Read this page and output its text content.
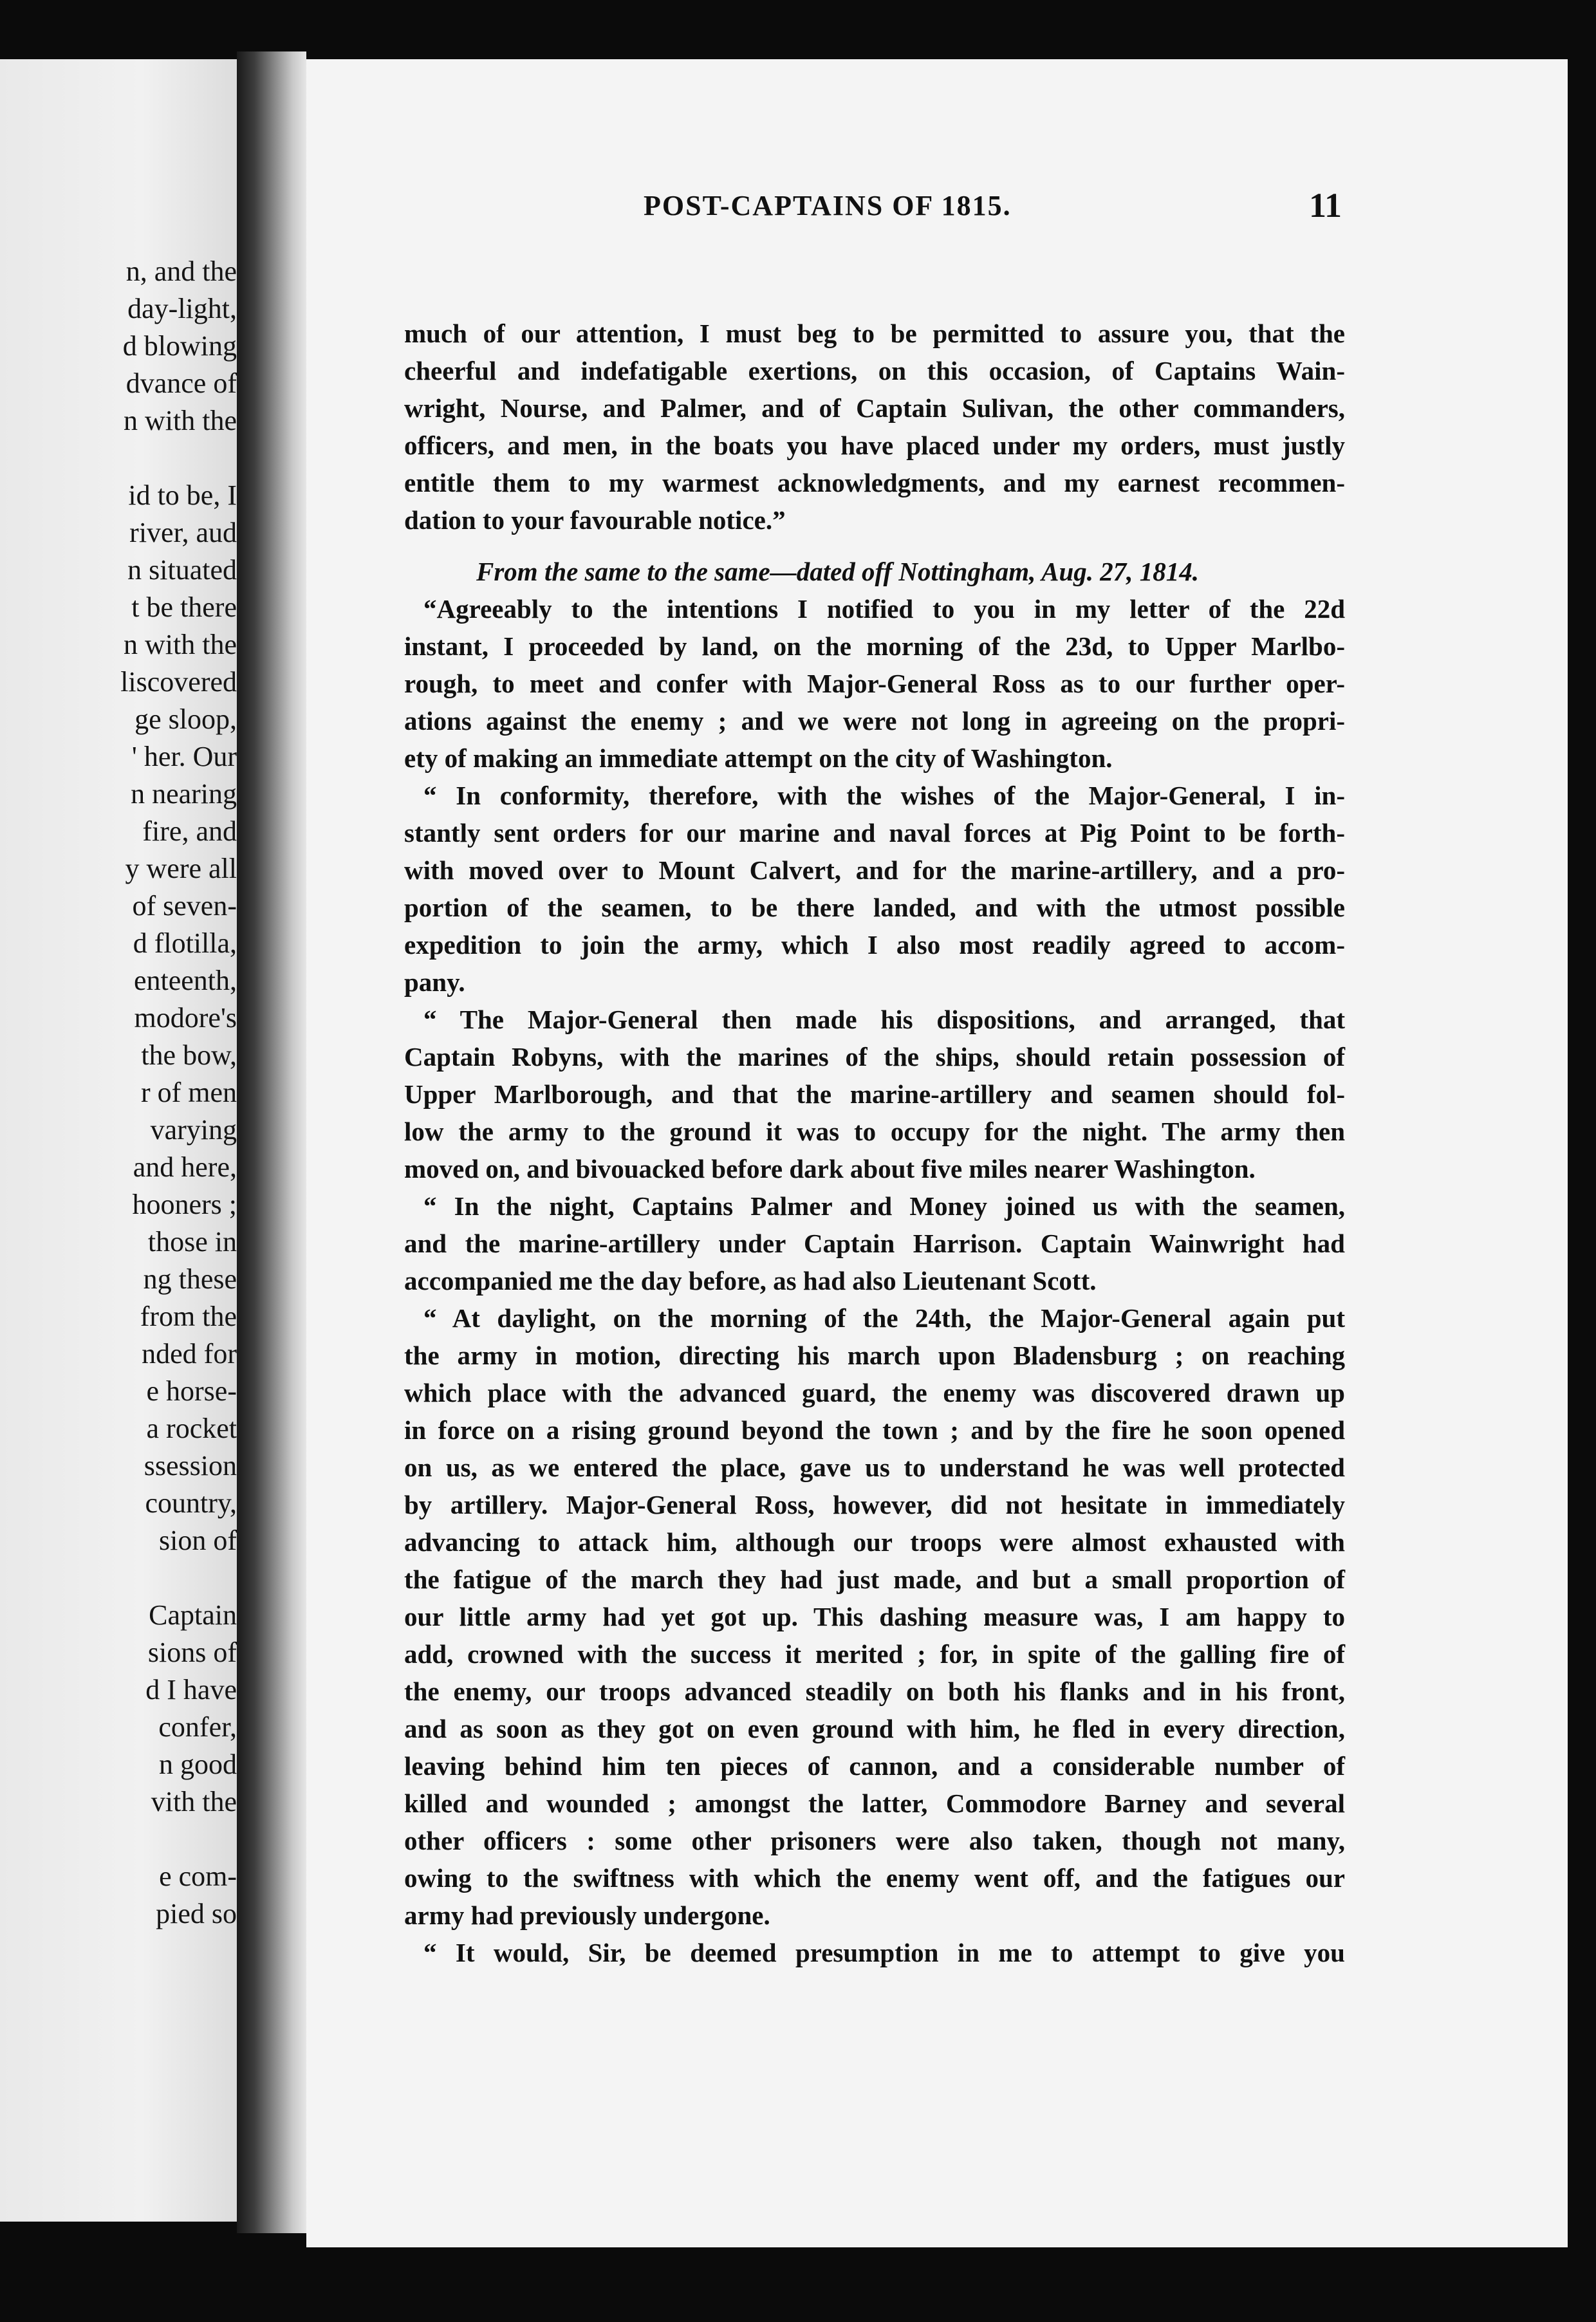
n, and the
day-light,
d blowing
dvance of
n with the
id to be, I
river, aud
n situated
t be there
n with the
liscovered
ge sloop,
' her. Our
n nearing
fire, and
y were all
of seven-
d flotilla,
enteenth,
modore's
the bow,
r of men
varying
and here,
hooners ;
those in
ng these
from the
nded for
e horse-
a rocket
ssession
country,
sion of
Captain
sions of
d I have
confer,
n good
vith the
e com-
pied so
POST-CAPTAINS OF 1815.	11
much of our attention, I must beg to be permitted to assure you, that the
cheerful and indefatigable exertions, on this occasion, of Captains Wain-
wright, Nourse, and Palmer, and of Captain Sulivan, the other commanders,
officers, and men, in the boats you have placed under my orders, must justly
entitle them to my warmest acknowledgments, and my earnest recommen-
dation to your favourable notice.”
From the same to the same—dated off Nottingham, Aug. 27, 1814.
“Agreeably to the intentions I notified to you in my letter of the 22d
instant, I proceeded by land, on the morning of the 23d, to Upper Marlbo-
rough, to meet and confer with Major-General Ross as to our further oper-
ations against the enemy ; and we were not long in agreeing on the propri-
ety of making an immediate attempt on the city of Washington.
“ In conformity, therefore, with the wishes of the Major-General, I in-
stantly sent orders for our marine and naval forces at Pig Point to be forth-
with moved over to Mount Calvert, and for the marine-artillery, and a pro-
portion of the seamen, to be there landed, and with the utmost possible
expedition to join the army, which I also most readily agreed to accom-
pany.
“ The Major-General then made his dispositions, and arranged, that
Captain Robyns, with the marines of the ships, should retain possession of
Upper Marlborough, and that the marine-artillery and seamen should fol-
low the army to the ground it was to occupy for the night. The army then
moved on, and bivouacked before dark about five miles nearer Washington.
“ In the night, Captains Palmer and Money joined us with the seamen,
and the marine-artillery under Captain Harrison. Captain Wainwright had
accompanied me the day before, as had also Lieutenant Scott.
“ At daylight, on the morning of the 24th, the Major-General again put
the army in motion, directing his march upon Bladensburg ; on reaching
which place with the advanced guard, the enemy was discovered drawn up
in force on a rising ground beyond the town ; and by the fire he soon opened
on us, as we entered the place, gave us to understand he was well protected
by artillery. Major-General Ross, however, did not hesitate in immediately
advancing to attack him, although our troops were almost exhausted with
the fatigue of the march they had just made, and but a small proportion of
our little army had yet got up. This dashing measure was, I am happy to
add, crowned with the success it merited ; for, in spite of the galling fire of
the enemy, our troops advanced steadily on both his flanks and in his front,
and as soon as they got on even ground with him, he fled in every direction,
leaving behind him ten pieces of cannon, and a considerable number of
killed and wounded ; amongst the latter, Commodore Barney and several
other officers : some other prisoners were also taken, though not many,
owing to the swiftness with which the enemy went off, and the fatigues our
army had previously undergone.
“ It would, Sir, be deemed presumption in me to attempt to give you
